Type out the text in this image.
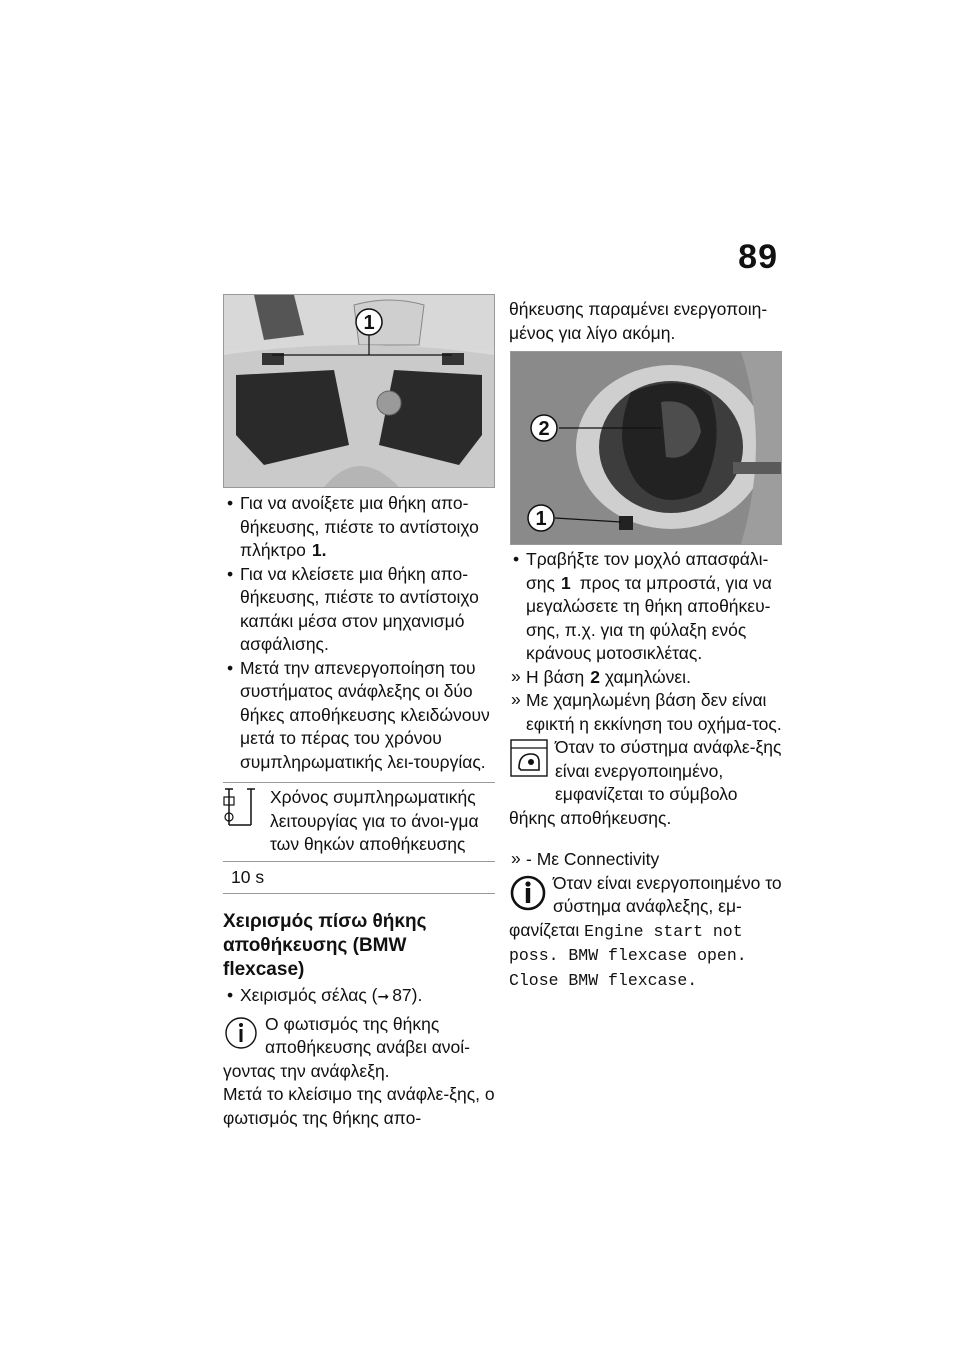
89
1

• Για να ανοίξετε μια θήκη απο-θήκευσης, πιέστε το αντίστοιχο πλήκτρο 1.

• Για να κλείσετε μια θήκη απο-θήκευσης, πιέστε το αντίστοιχο καπάκι μέσα στον μηχανισμό ασφάλισης.

• Μετά την απενεργοποίηση του συστήματος ανάφλεξης οι δύο θήκες αποθήκευσης κλειδώνουν μετά το πέρας του χρόνου συμπληρωματικής λει-τουργίας.

Χρόνος συμπληρωματικής λειτουργίας για το άνοι-γμα των θηκών αποθήκευσης
10 s
Χειρισμός πίσω θήκης αποθήκευσης (BMW flexcase)

• Χειρισμός σέλας (➞ 87).

Ο φωτισμός της θήκης αποθήκευσης ανάβει ανοί-γοντας την ανάφλεξη.
Μετά το κλείσιμο της ανάφλε-ξης, ο φωτισμός της θήκης απο-
θήκευσης παραμένει ενεργοποιη-μένος για λίγο ακόμη.
2
1

• Τραβήξτε τον μοχλό απασφάλι-σης 1 προς τα μπροστά, για να μεγαλώσετε τη θήκη αποθήκευ-σης, π.χ. για τη φύλαξη ενός κράνους μοτοσικλέτας.

» Η βάση 2 χαμηλώνει.

» Με χαμηλωμένη βάση δεν είναι εφικτή η εκκίνηση του οχήμα-τος.

Όταν το σύστημα ανάφλε-ξης είναι ενεργοποιημένο, εμφανίζεται το σύμβολο θήκης αποθήκευσης.

» - Με Connectivity

Όταν είναι ενεργοποιημένο το σύστημα ανάφλεξης, εμ-φανίζεται Engine start not poss. BMW flexcase open. Close BMW flexcase.
